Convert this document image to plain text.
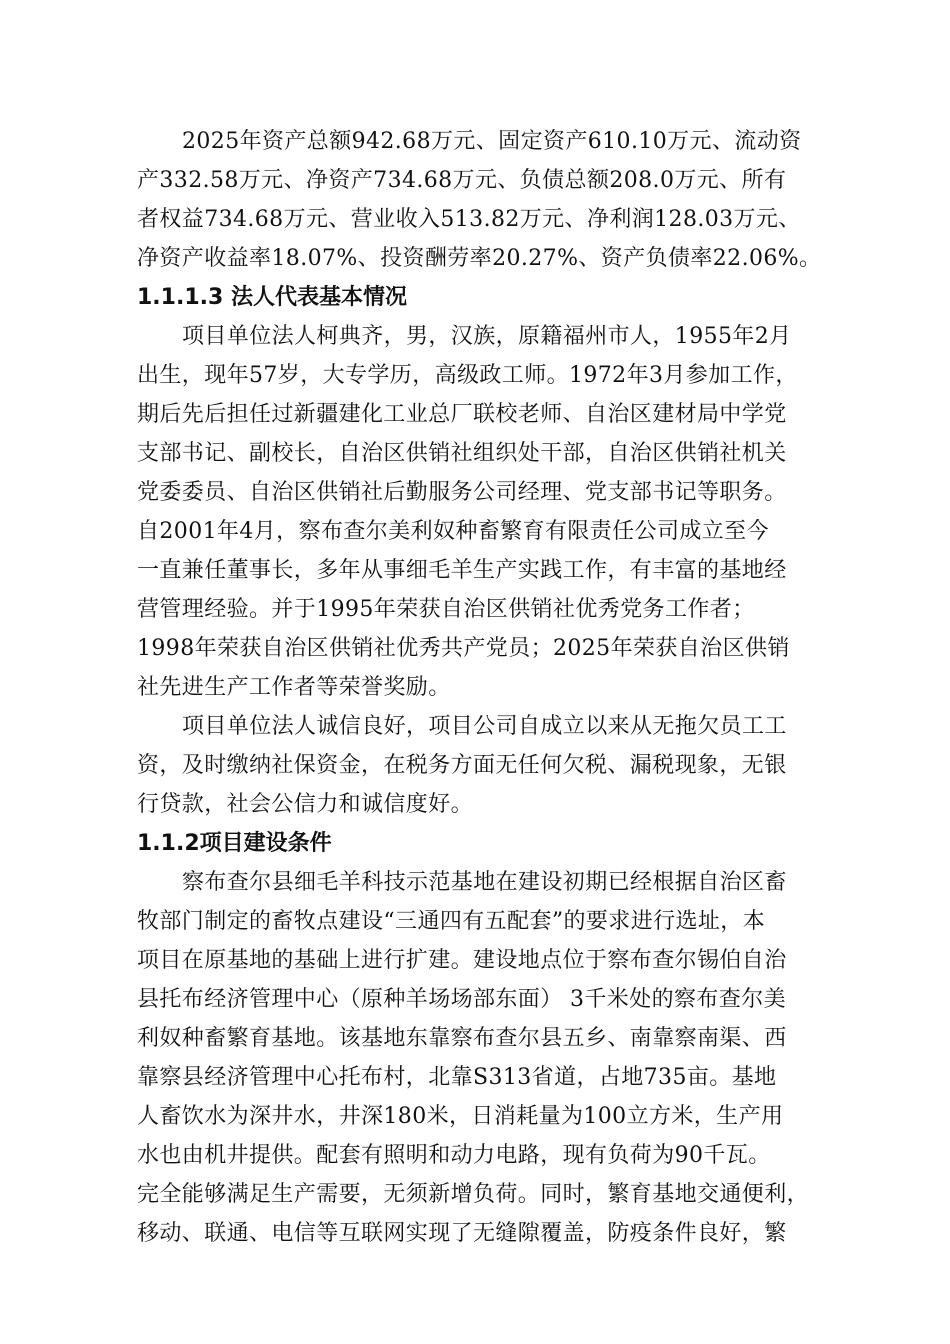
2025年资产总额942.68万元、固定资产610.10万元、流动资
产332.58万元、净资产734.68万元、负债总额208.0万元、所有
者权益734.68万元、营业收入513.82万元、净利润128.03万元、
净资产收益率18.07%、投资酬劳率20.27%、资产负债率22.06%。
1.1.1.3 法人代表基本情况
项目单位法人柯典齐，男，汉族，原籍福州市人，1955年2月
出生，现年57岁，大专学历，高级政工师。1972年3月参加工作，
期后先后担任过新疆建化工业总厂联校老师、自治区建材局中学党
支部书记、副校长，自治区供销社组织处干部，自治区供销社机关
党委委员、自治区供销社后勤服务公司经理、党支部书记等职务。
自2001年4月，察布查尔美利奴种畜繁育有限责任公司成立至今
一直兼任董事长，多年从事细毛羊生产实践工作，有丰富的基地经
营管理经验。并于1995年荣获自治区供销社优秀党务工作者；
1998年荣获自治区供销社优秀共产党员；2025年荣获自治区供销
社先进生产工作者等荣誉奖励。
项目单位法人诚信良好，项目公司自成立以来从无拖欠员工工
资，及时缴纳社保资金，在税务方面无任何欠税、漏税现象，无银
行贷款，社会公信力和诚信度好。
1.1.2项目建设条件
察布查尔县细毛羊科技示范基地在建设初期已经根据自治区畜
牧部门制定的畜牧点建设“三通四有五配套”的要求进行选址，本
项目在原基地的基础上进行扩建。建设地点位于察布查尔锡伯自治
县托布经济管理中心（原种羊场场部东面） 3千米处的察布查尔美
利奴种畜繁育基地。该基地东靠察布查尔县五乡、南靠察南渠、西
靠察县经济管理中心托布村，北靠S313省道，占地735亩。基地
人畜饮水为深井水，井深180米，日消耗量为100立方米，生产用
水也由机井提供。配套有照明和动力电路，现有负荷为90千瓦。
完全能够满足生产需要，无须新增负荷。同时，繁育基地交通便利，
移动、联通、电信等互联网实现了无缝隙覆盖，防疫条件良好，繁
